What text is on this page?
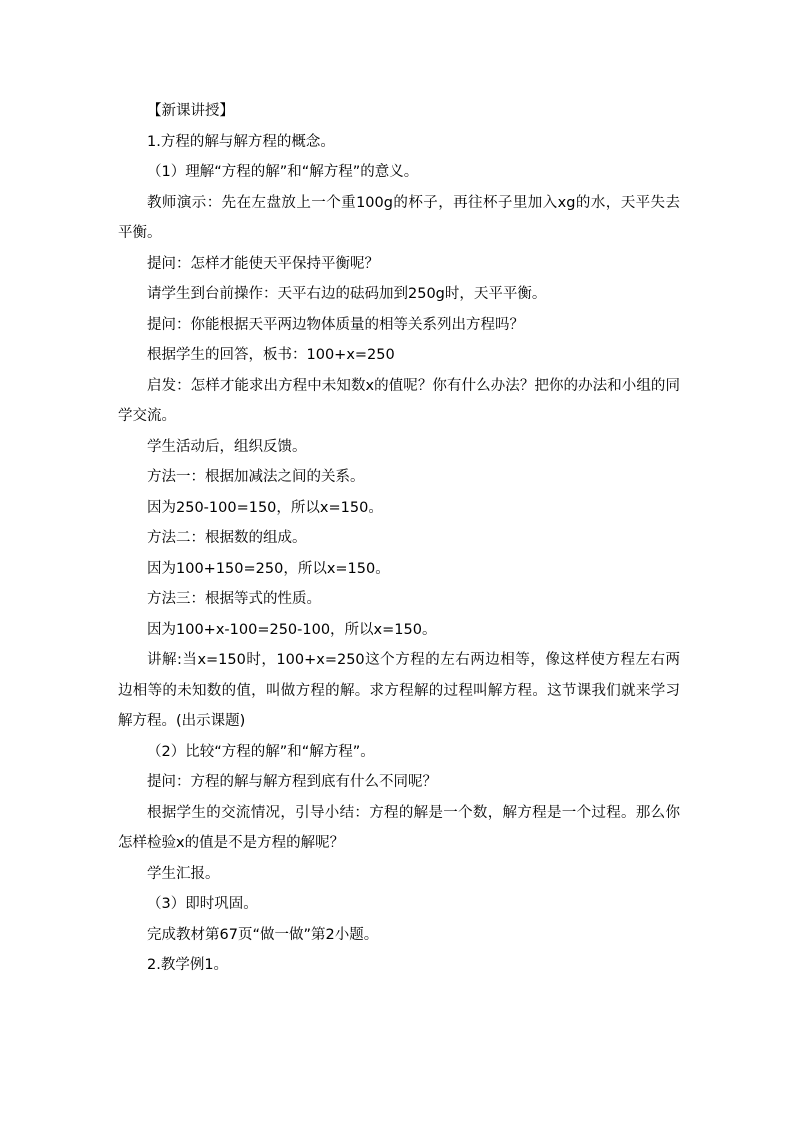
【新课讲授】

1.方程的解与解方程的概念。

（1）理解“方程的解”和“解方程”的意义。

教师演示：先在左盘放上一个重100g的杯子，再往杯子里加入xg的水，天平失去平衡。

提问：怎样才能使天平保持平衡呢？

请学生到台前操作：天平右边的砝码加到250g时，天平平衡。

提问：你能根据天平两边物体质量的相等关系列出方程吗？

根据学生的回答，板书：100+x=250

启发：怎样才能求出方程中未知数x的值呢？你有什么办法？把你的办法和小组的同学交流。

学生活动后，组织反馈。

方法一：根据加减法之间的关系。

因为250-100=150，所以x=150。

方法二：根据数的组成。

因为100+150=250，所以x=150。

方法三：根据等式的性质。

因为100+x-100=250-100，所以x=150。

讲解:当x=150时，100+x=250这个方程的左右两边相等，像这样使方程左右两边相等的未知数的值，叫做方程的解。求方程解的过程叫解方程。这节课我们就来学习解方程。(出示课题)

（2）比较“方程的解”和“解方程”。

提问：方程的解与解方程到底有什么不同呢？

根据学生的交流情况，引导小结：方程的解是一个数，解方程是一个过程。那么你怎样检验x的值是不是方程的解呢？

学生汇报。

（3）即时巩固。

完成教材第67页“做一做”第2小题。

2.教学例1。
